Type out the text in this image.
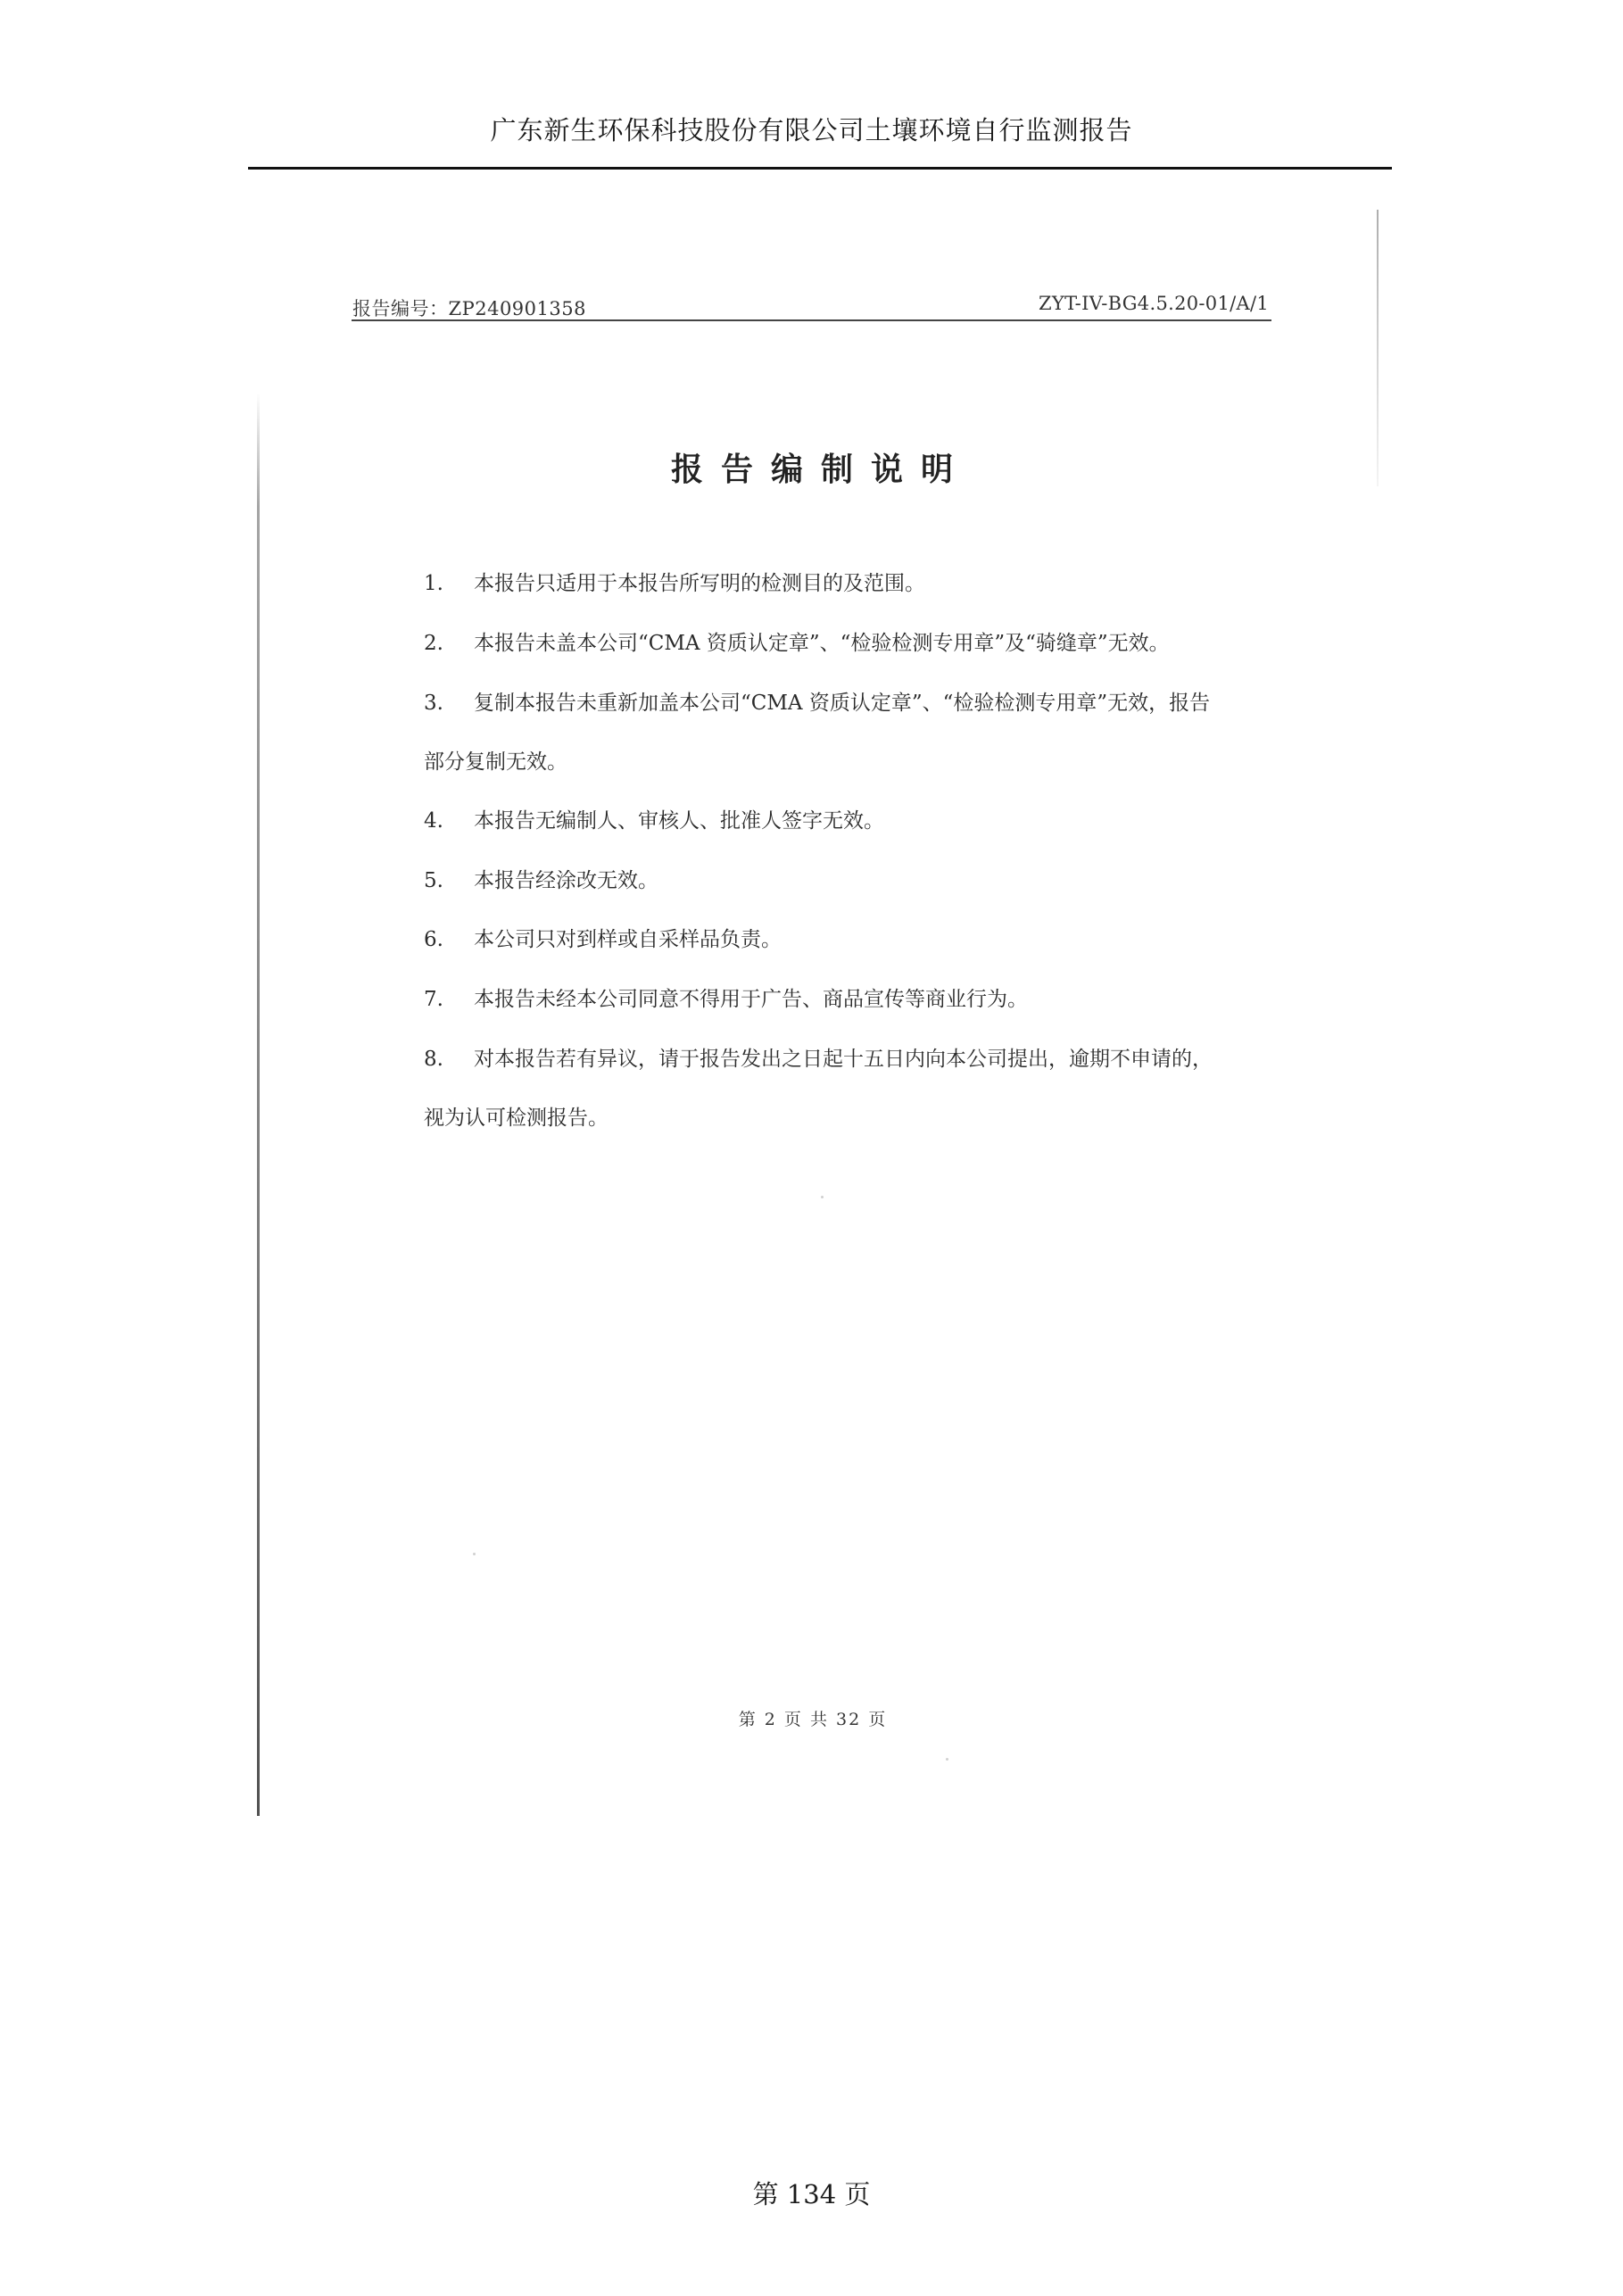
广东新生环保科技股份有限公司土壤环境自行监测报告
报告编号：ZP240901358	ZYT-IV-BG4.5.20-01/A/1
报告编制说明
1. 本报告只适用于本报告所写明的检测目的及范围。
2. 本报告未盖本公司“CMA 资质认定章”、“检验检测专用章”及“骑缝章”无效。
3. 复制本报告未重新加盖本公司“CMA 资质认定章”、“检验检测专用章”无效，报告
部分复制无效。
4. 本报告无编制人、审核人、批准人签字无效。
5. 本报告经涂改无效。
6. 本公司只对到样或自采样品负责。
7. 本报告未经本公司同意不得用于广告、商品宣传等商业行为。
8. 对本报告若有异议，请于报告发出之日起十五日内向本公司提出，逾期不申请的，
视为认可检测报告。
第 2 页 共 32 页
第 134 页
